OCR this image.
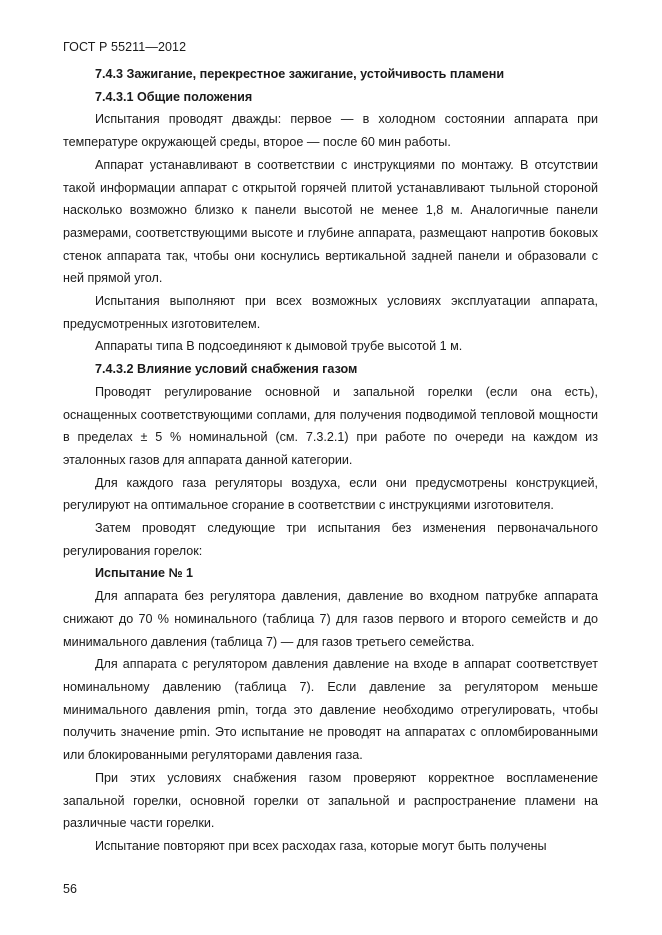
ГОСТ Р 55211—2012

7.4.3 Зажигание, перекрестное зажигание, устойчивость пламени

7.4.3.1 Общие положения

Испытания проводят дважды: первое — в холодном состоянии аппарата при температуре окружающей среды, второе — после 60 мин работы.

Аппарат устанавливают в соответствии с инструкциями по монтажу. В отсутствии такой информации аппарат с открытой горячей плитой устанавливают тыльной стороной насколько возможно близко к панели высотой не менее 1,8 м. Аналогичные панели размерами, соответствующими высоте и глубине аппарата, размещают напротив боковых стенок аппарата так, чтобы они коснулись вертикальной задней панели и образовали с ней прямой угол.

Испытания выполняют при всех возможных условиях эксплуатации аппарата, предусмотренных изготовителем.

Аппараты типа В подсоединяют к дымовой трубе высотой 1 м.

7.4.3.2 Влияние условий снабжения газом

Проводят регулирование основной и запальной горелки (если она есть), оснащенных соответствующими соплами, для получения подводимой тепловой мощности в пределах ± 5 % номинальной (см. 7.3.2.1) при работе по очереди на каждом из эталонных газов для аппарата данной категории.

Для каждого газа регуляторы воздуха, если они предусмотрены конструкцией, регулируют на оптимальное сгорание в соответствии с инструкциями изготовителя.

Затем проводят следующие три испытания без изменения первоначального регулирования горелок:

Испытание № 1

Для аппарата без регулятора давления, давление во входном патрубке аппарата снижают до 70 % номинального (таблица 7) для газов первого и второго семейств и до минимального давления (таблица 7) — для газов третьего семейства.

Для аппарата с регулятором давления давление на входе в аппарат соответствует номинальному давлению (таблица 7). Если давление за регулятором меньше минимального давления pmin, тогда это давление необходимо отрегулировать, чтобы получить значение pmin. Это испытание не проводят на аппаратах с опломбированными или блокированными регуляторами давления газа.

При этих условиях снабжения газом проверяют корректное воспламенение запальной горелки, основной горелки от запальной и распространение пламени на различные части горелки.

Испытание повторяют при всех расходах газа, которые могут быть получены

56
